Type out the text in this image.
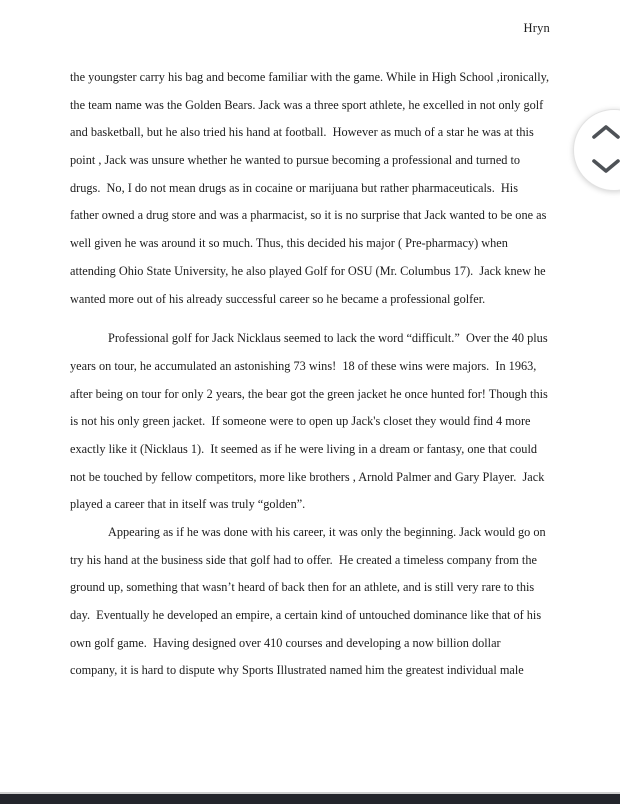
Hryn
the youngster carry his bag and become familiar with the game. While in High School ,ironically,
the team name was the Golden Bears. Jack was a three sport athlete, he excelled in not only golf
and basketball, but he also tried his hand at football.  However as much of a star he was at this
point , Jack was unsure whether he wanted to pursue becoming a professional and turned to
drugs.  No, I do not mean drugs as in cocaine or marijuana but rather pharmaceuticals.  His
father owned a drug store and was a pharmacist, so it is no surprise that Jack wanted to be one as
well given he was around it so much. Thus, this decided his major ( Pre-pharmacy) when
attending Ohio State University, he also played Golf for OSU (Mr. Columbus 17).  Jack knew he
wanted more out of his already successful career so he became a professional golfer.
Professional golf for Jack Nicklaus seemed to lack the word “difficult.”  Over the 40 plus
years on tour, he accumulated an astonishing 73 wins!  18 of these wins were majors.  In 1963,
after being on tour for only 2 years, the bear got the green jacket he once hunted for! Though this
is not his only green jacket.  If someone were to open up Jack's closet they would find 4 more
exactly like it (Nicklaus 1).  It seemed as if he were living in a dream or fantasy, one that could
not be touched by fellow competitors, more like brothers , Arnold Palmer and Gary Player.  Jack
played a career that in itself was truly “golden”.
Appearing as if he was done with his career, it was only the beginning. Jack would go on
try his hand at the business side that golf had to offer.  He created a timeless company from the
ground up, something that wasn’t heard of back then for an athlete, and is still very rare to this
day.  Eventually he developed an empire, a certain kind of untouched dominance like that of his
own golf game.  Having designed over 410 courses and developing a now billion dollar
company, it is hard to dispute why Sports Illustrated named him the greatest individual male
